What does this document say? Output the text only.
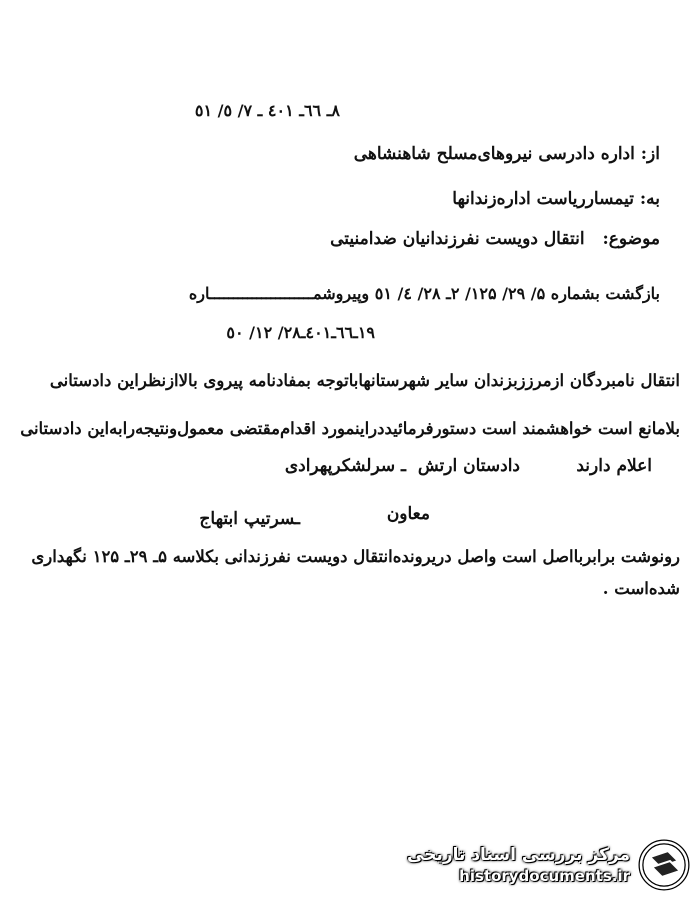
۸ـ ٦٦ـ ٤٠١ ـ ٧/ ٥/ ٥١
از: اداره دادرسی نیروهای‌مسلح شاهنشاهی
به: تیمسارریاست اداره‌زندانها
موضوع: انتقال دویست نفرزندانیان ضدامنیتی
بازگشت بشماره ۵/ ۲۹/ ۱۲۵/ ۲ـ ۲۸/ ٤/ ٥١ وپیروشمــــــــــــــــــــــاره
۱۹ـ٦٦ـ٤٠١ـ٢٨/ ١٢/ ٥٠
انتقال نامبردگان ازمرززبزندان سایر شهرستانهاباتوجه بمفادنامه پیروی بالاازنظراین دادستانی
بلامانع است خواهشمند است دستورفرمائیددراینمورد اقدام‌مقتضی معمول‌ونتیجه‌رابه‌این دادستانی
اعلام دارند
دادستان ارتش ‌ ـ سرلشکرپهرادی
معاون
ـسرتیپ ابتهاج
رونوشت برابربااصل است واصل دریرونده‌انتقال دویست نفرزندانی بکلاسه ۵ـ ۲۹ـ ۱۲۵ نگهداری
شده‌است .
مرکز بررسی اسناد تاریخی
historydocuments.ir
